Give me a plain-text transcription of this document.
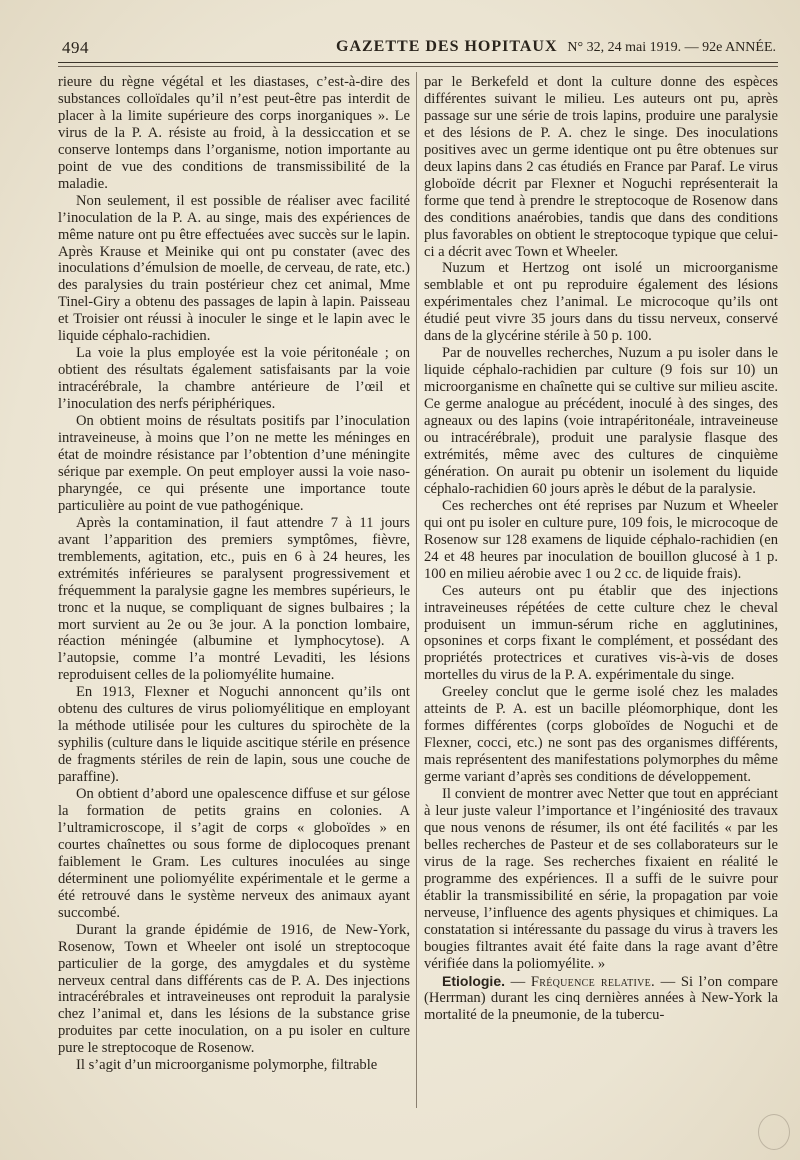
494	GAZETTE DES HOPITAUX N° 32, 24 mai 1919. — 92e ANNÉE.

rieure du règne végétal et les diastases, c’est-à-dire des substances colloïdales qu’il n’est peut-être pas interdit de placer à la limite supérieure des corps inorganiques ». Le virus de la P. A. résiste au froid, à la dessiccation et se conserve lontemps dans l’organisme, notion importante au point de vue des conditions de transmissibilité de la maladie.

Non seulement, il est possible de réaliser avec facilité l’inoculation de la P. A. au singe, mais des expériences de même nature ont pu être effectuées avec succès sur le lapin. Après Krause et Meinike qui ont pu constater (avec des inoculations d’émulsion de moelle, de cerveau, de rate, etc.) des paralysies du train postérieur chez cet animal, Mme Tinel-Giry a obtenu des passages de lapin à lapin. Paisseau et Troisier ont réussi à inoculer le singe et le lapin avec le liquide céphalo-rachidien.

La voie la plus employée est la voie péritonéale ; on obtient des résultats également satisfaisants par la voie intracérébrale, la chambre antérieure de l’œil et l’inoculation des nerfs périphériques.

On obtient moins de résultats positifs par l’inoculation intraveineuse, à moins que l’on ne mette les méninges en état de moindre résistance par l’obtention d’une méningite sérique par exemple. On peut employer aussi la voie naso-pharyngée, ce qui présente une importance toute particulière au point de vue pathogénique.

Après la contamination, il faut attendre 7 à 11 jours avant l’apparition des premiers symptômes, fièvre, tremblements, agitation, etc., puis en 6 à 24 heures, les extrémités inférieures se paralysent progressivement et fréquemment la paralysie gagne les membres supérieurs, le tronc et la nuque, se compliquant de signes bulbaires ; la mort survient au 2e ou 3e jour. A la ponction lombaire, réaction méningée (albumine et lymphocytose). A l’autopsie, comme l’a montré Levaditi, les lésions reproduisent celles de la poliomyélite humaine.

En 1913, Flexner et Noguchi annoncent qu’ils ont obtenu des cultures de virus poliomyélitique en employant la méthode utilisée pour les cultures du spirochète de la syphilis (culture dans le liquide ascitique stérile en présence de fragments stériles de rein de lapin, sous une couche de paraffine).

On obtient d’abord une opalescence diffuse et sur gélose la formation de petits grains en colonies. A l’ultramicroscope, il s’agit de corps « globoïdes » en courtes chaînettes ou sous forme de diplocoques prenant faiblement le Gram. Les cultures inoculées au singe déterminent une poliomyélite expérimentale et le germe a été retrouvé dans le système nerveux des animaux ayant succombé.

Durant la grande épidémie de 1916, de New-York, Rosenow, Town et Wheeler ont isolé un streptocoque particulier de la gorge, des amygdales et du système nerveux central dans différents cas de P. A. Des injections intracérébrales et intraveineuses ont reproduit la paralysie chez l’animal et, dans les lésions de la substance grise produites par cette inoculation, on a pu isoler en culture pure le streptocoque de Rosenow.

Il s’agit d’un microorganisme polymorphe, filtrable

par le Berkefeld et dont la culture donne des espèces différentes suivant le milieu. Les auteurs ont pu, après passage sur une série de trois lapins, produire une paralysie et des lésions de P. A. chez le singe. Des inoculations positives avec un germe identique ont pu être obtenues sur deux lapins dans 2 cas étudiés en France par Paraf. Le virus globoïde décrit par Flexner et Noguchi représenterait la forme que tend à prendre le streptocoque de Rosenow dans des conditions anaérobies, tandis que dans des conditions plus favorables on obtient le streptocoque typique que celui-ci a décrit avec Town et Wheeler.

Nuzum et Hertzog ont isolé un microorganisme semblable et ont pu reproduire également des lésions expérimentales chez l’animal. Le microcoque qu’ils ont étudié peut vivre 35 jours dans du tissu nerveux, conservé dans de la glycérine stérile à 50 p. 100.

Par de nouvelles recherches, Nuzum a pu isoler dans le liquide céphalo-rachidien par culture (9 fois sur 10) un microorganisme en chaînette qui se cultive sur milieu ascite. Ce germe analogue au précédent, inoculé à des singes, des agneaux ou des lapins (voie intrapéritonéale, intraveineuse ou intracérébrale), produit une paralysie flasque des extrémités, même avec des cultures de cinquième génération. On aurait pu obtenir un isolement du liquide céphalo-rachidien 60 jours après le début de la paralysie.

Ces recherches ont été reprises par Nuzum et Wheeler qui ont pu isoler en culture pure, 109 fois, le microcoque de Rosenow sur 128 examens de liquide céphalo-rachidien (en 24 et 48 heures par inoculation de bouillon glucosé à 1 p. 100 en milieu aérobie avec 1 ou 2 cc. de liquide frais).

Ces auteurs ont pu établir que des injections intraveineuses répétées de cette culture chez le cheval produisent un immun-sérum riche en agglutinines, opsonines et corps fixant le complément, et possédant des propriétés protectrices et curatives vis-à-vis de doses mortelles du virus de la P. A. expérimentale du singe.

Greeley conclut que le germe isolé chez les malades atteints de P. A. est un bacille pléomorphique, dont les formes différentes (corps globoïdes de Noguchi et de Flexner, cocci, etc.) ne sont pas des organismes différents, mais représentent des manifestations polymorphes du même germe variant d’après ses conditions de développement.

Il convient de montrer avec Netter que tout en appréciant à leur juste valeur l’importance et l’ingéniosité des travaux que nous venons de résumer, ils ont été facilités « par les belles recherches de Pasteur et de ses collaborateurs sur le virus de la rage. Ses recherches fixaient en réalité le programme des expériences. Il a suffi de le suivre pour établir la transmissibilité en série, la propagation par voie nerveuse, l’influence des agents physiques et chimiques. La constatation si intéressante du passage du virus à travers les bougies filtrantes avait été faite dans la rage avant d’être vérifiée dans la poliomyélite. »

Etiologie. — Fréquence relative. — Si l’on compare (Herrman) durant les cinq dernières années à New-York la mortalité de la pneumonie, de la tubercu-
